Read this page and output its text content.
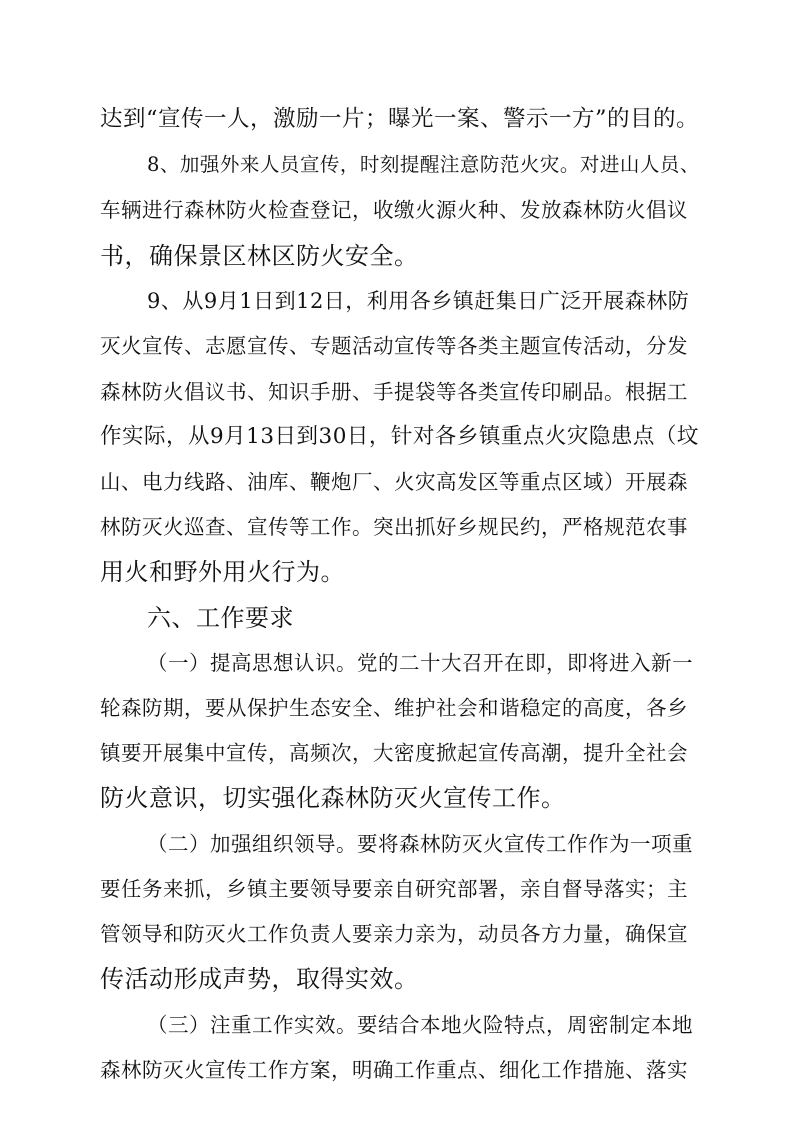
达到“宣传一人，激励一片；曝光一案、警示一方”的目的。
8、加强外来人员宣传，时刻提醒注意防范火灾。对进山人员、
车辆进行森林防火检查登记，收缴火源火种、发放森林防火倡议
书，确保景区林区防火安全。
9、从9月1日到12日，利用各乡镇赶集日广泛开展森林防
灭火宣传、志愿宣传、专题活动宣传等各类主题宣传活动，分发
森林防火倡议书、知识手册、手提袋等各类宣传印刷品。根据工
作实际，从9月13日到30日，针对各乡镇重点火灾隐患点（坟
山、电力线路、油库、鞭炮厂、火灾高发区等重点区域）开展森
林防灭火巡查、宣传等工作。突出抓好乡规民约，严格规范农事
用火和野外用火行为。
六、工作要求
（一）提高思想认识。党的二十大召开在即，即将进入新一
轮森防期，要从保护生态安全、维护社会和谐稳定的高度，各乡
镇要开展集中宣传，高频次，大密度掀起宣传高潮，提升全社会
防火意识，切实强化森林防灭火宣传工作。
（二）加强组织领导。要将森林防灭火宣传工作作为一项重
要任务来抓，乡镇主要领导要亲自研究部署，亲自督导落实；主
管领导和防灭火工作负责人要亲力亲为，动员各方力量，确保宣
传活动形成声势，取得实效。
（三）注重工作实效。要结合本地火险特点，周密制定本地
森林防灭火宣传工作方案，明确工作重点、细化工作措施、落实
